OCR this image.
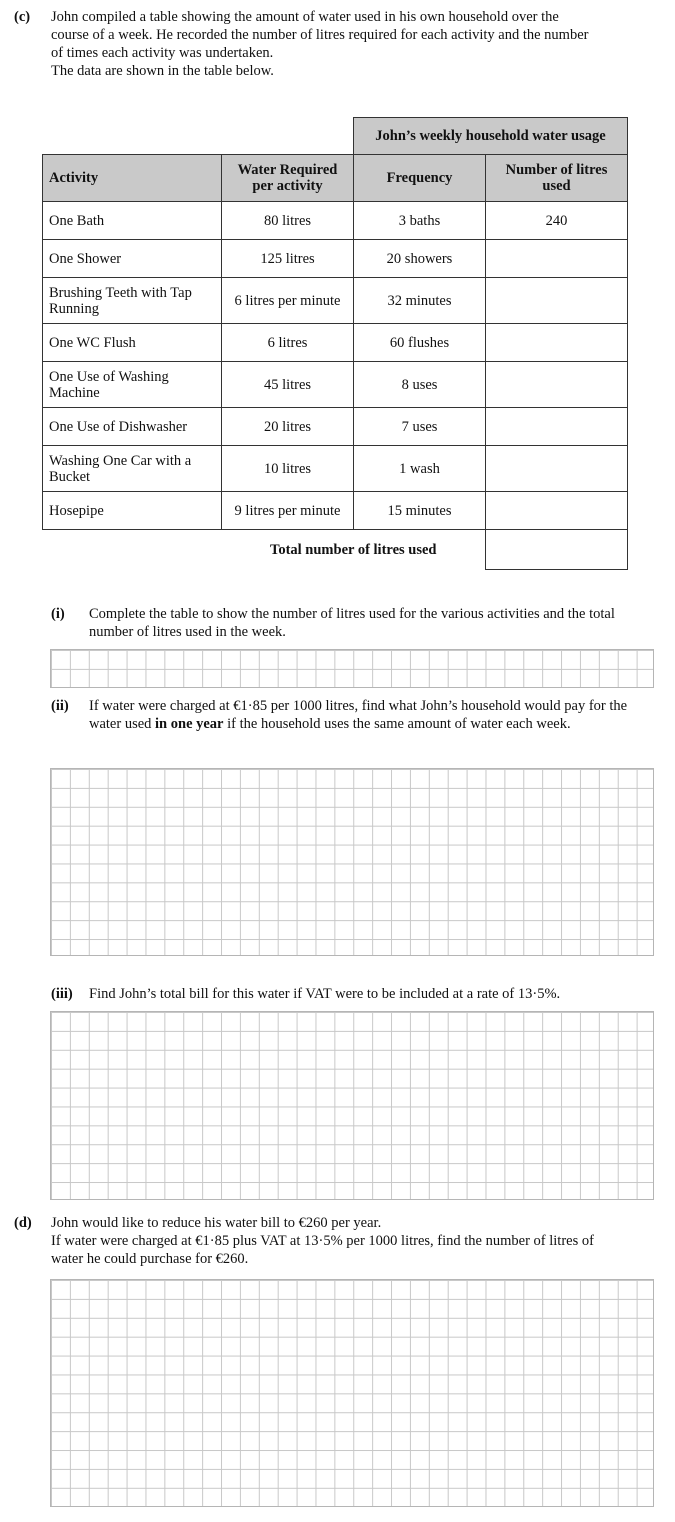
(c) John compiled a table showing the amount of water used in his own household over the
course of a week. He recorded the number of litres required for each activity and the number
of times each activity was undertaken.
The data are shown in the table below.
		John’s weekly household water usage	
Activity	Water Required per activity	Frequency	Number of litres used
One Bath	80 litres	3 baths	240
One Shower	125 litres	20 showers	
Brushing Teeth with Tap Running	6 litres per minute	32 minutes	
One WC Flush	6 litres	60 flushes	
One Use of Washing Machine	45 litres	8 uses	
One Use of Dishwasher	20 litres	7 uses	
Washing One Car with a Bucket	10 litres	1 wash	
Hosepipe	9 litres per minute	15 minutes	
	Total number of litres used		
(i) Complete the table to show the number of litres used for the various activities and the total number of litres used in the week.
(ii) If water were charged at €1·85 per 1000 litres, find what John’s household would pay for the water used in one year if the household uses the same amount of water each week.
(iii) Find John’s total bill for this water if VAT were to be included at a rate of 13·5%.
(d) John would like to reduce his water bill to €260 per year.
If water were charged at €1·85 plus VAT at 13·5% per 1000 litres, find the number of litres of
water he could purchase for €260.
